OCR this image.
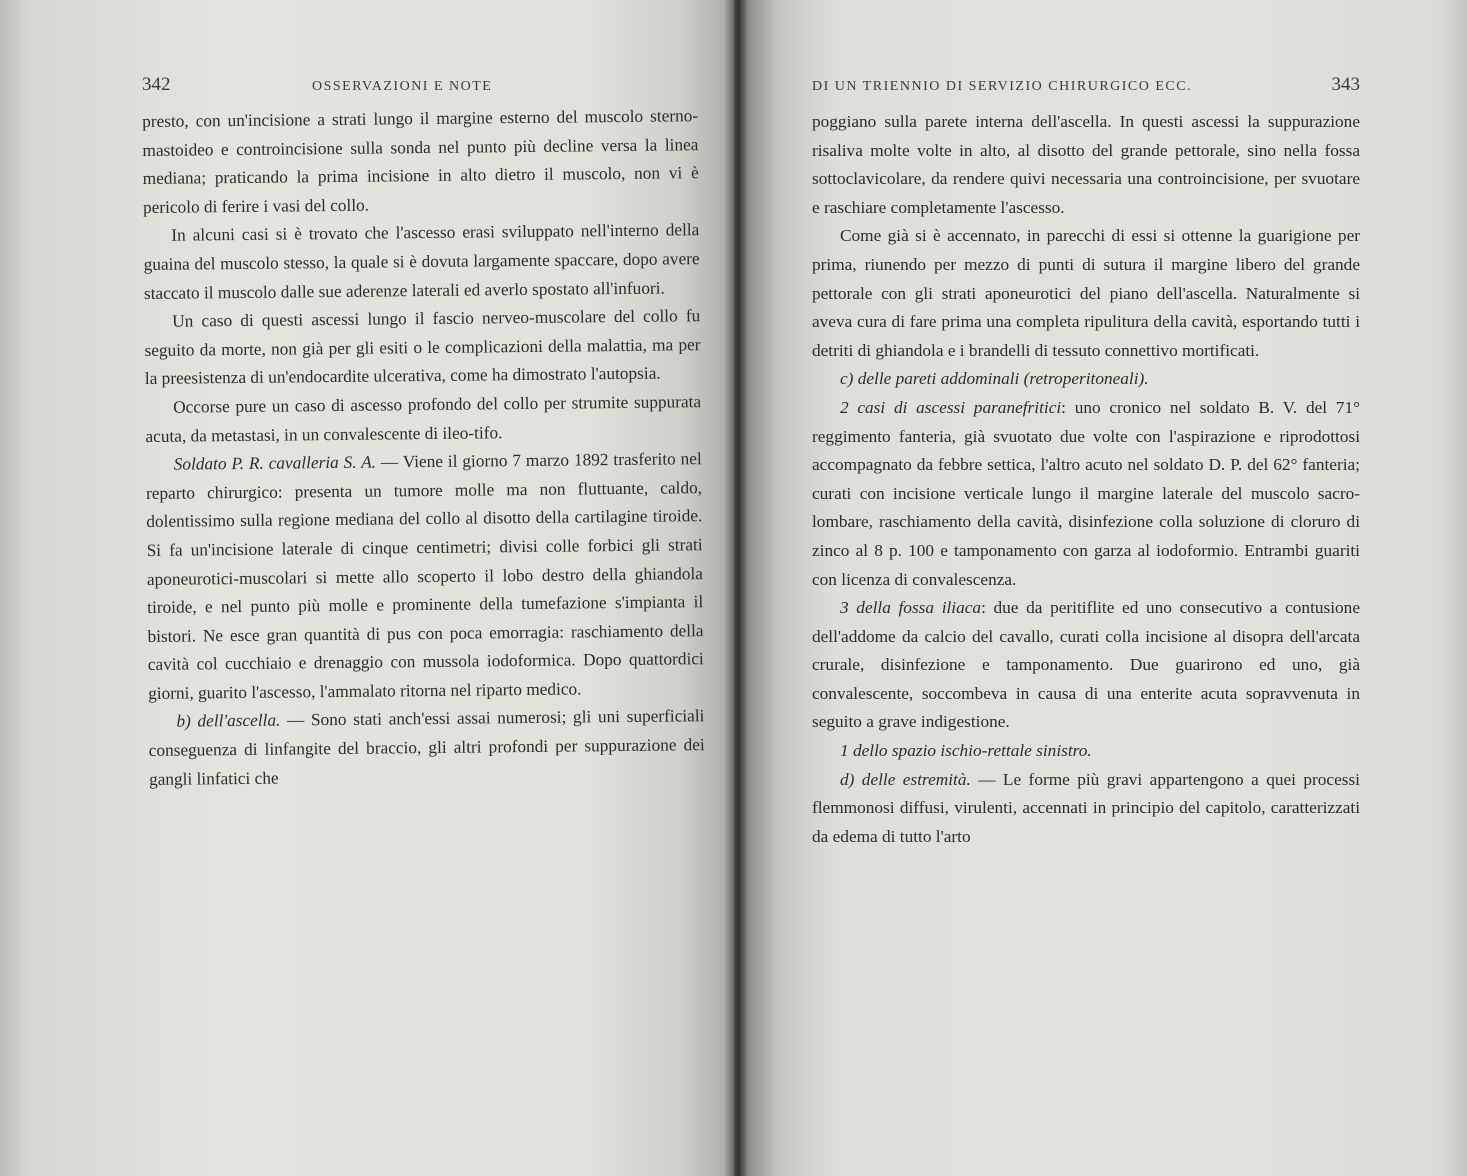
342	OSSERVAZIONI E NOTE

presto, con un'incisione a strati lungo il margine esterno del muscolo sterno-mastoideo e controincisione sulla sonda nel punto più decline versa la linea mediana; praticando la prima incisione in alto dietro il muscolo, non vi è pericolo di ferire i vasi del collo.

In alcuni casi si è trovato che l'ascesso erasi sviluppato nell'interno della guaina del muscolo stesso, la quale si è dovuta largamente spaccare, dopo avere staccato il muscolo dalle sue aderenze laterali ed averlo spostato all'infuori.

Un caso di questi ascessi lungo il fascio nerveo-muscolare del collo fu seguito da morte, non già per gli esiti o le complicazioni della malattia, ma per la preesistenza di un'endocardite ulcerativa, come ha dimostrato l'autopsia.

Occorse pure un caso di ascesso profondo del collo per strumite suppurata acuta, da metastasi, in un convalescente di ileo-tifo.

Soldato P. R. cavalleria S. A. — Viene il giorno 7 marzo 1892 trasferito nel reparto chirurgico: presenta un tumore molle ma non fluttuante, caldo, dolentissimo sulla regione mediana del collo al disotto della cartilagine tiroide. Si fa un'incisione laterale di cinque centimetri; divisi colle forbici gli strati aponeurotici-muscolari si mette allo scoperto il lobo destro della ghiandola tiroide, e nel punto più molle e prominente della tumefazione s'impianta il bistori. Ne esce gran quantità di pus con poca emorragia: raschiamento della cavità col cucchiaio e drenaggio con mussola iodoformica. Dopo quattordici giorni, guarito l'ascesso, l'ammalato ritorna nel riparto medico.

b) dell'ascella. — Sono stati anch'essi assai numerosi; gli uni superficiali conseguenza di linfangite del braccio, gli altri profondi per suppurazione dei gangli linfatici che

DI UN TRIENNIO DI SERVIZIO CHIRURGICO ECC.	343

poggiano sulla parete interna dell'ascella. In questi ascessi la suppurazione risaliva molte volte in alto, al disotto del grande pettorale, sino nella fossa sottoclavicolare, da rendere quivi necessaria una controincisione, per svuotare e raschiare completamente l'ascesso.

Come già si è accennato, in parecchi di essi si ottenne la guarigione per prima, riunendo per mezzo di punti di sutura il margine libero del grande pettorale con gli strati aponeurotici del piano dell'ascella. Naturalmente si aveva cura di fare prima una completa ripulitura della cavità, esportando tutti i detriti di ghiandola e i brandelli di tessuto connettivo mortificati.

c) delle pareti addominali (retroperitoneali).

2 casi di ascessi paranefritici: uno cronico nel soldato B. V. del 71° reggimento fanteria, già svuotato due volte con l'aspirazione e riprodottosi accompagnato da febbre settica, l'altro acuto nel soldato D. P. del 62° fanteria; curati con incisione verticale lungo il margine laterale del muscolo sacro-lombare, raschiamento della cavità, disinfezione colla soluzione di cloruro di zinco al 8 p. 100 e tamponamento con garza al iodoformio. Entrambi guariti con licenza di convalescenza.

3 della fossa iliaca: due da peritiflite ed uno consecutivo a contusione dell'addome da calcio del cavallo, curati colla incisione al disopra dell'arcata crurale, disinfezione e tamponamento. Due guarirono ed uno, già convalescente, soccombeva in causa di una enterite acuta sopravvenuta in seguito a grave indigestione.

1 dello spazio ischio-rettale sinistro.

d) delle estremità. — Le forme più gravi appartengono a quei processi flemmonosi diffusi, virulenti, accennati in principio del capitolo, caratterizzati da edema di tutto l'arto
